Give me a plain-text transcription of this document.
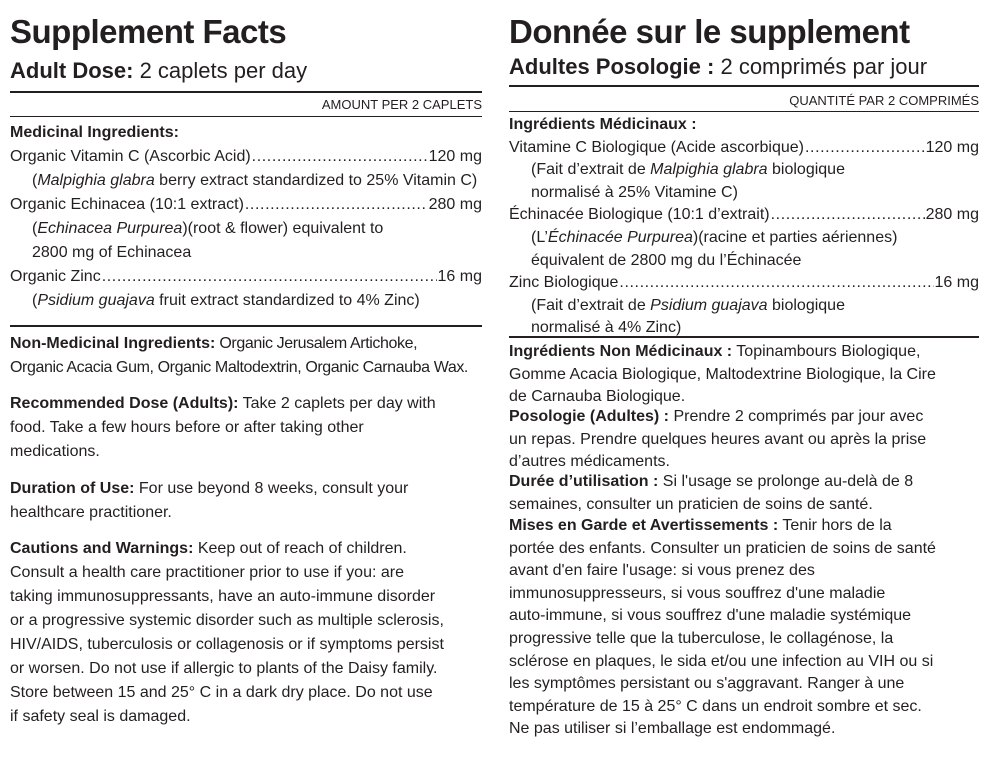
Supplement Facts
Adult Dose: 2 caplets per day
AMOUNT PER 2 CAPLETS
Medicinal Ingredients:
Organic Vitamin C (Ascorbic Acid) .....	120 mg
(Malpighia glabra berry extract standardized to 25% Vitamin C)
Organic Echinacea (10:1 extract) .....	280 mg
(Echinacea Purpurea)(root & flower) equivalent to
2800 mg of Echinacea
Organic Zinc .....	16 mg
(Psidium guajava fruit extract standardized to 4% Zinc)

Non-Medicinal Ingredients: Organic Jerusalem Artichoke,

Organic Acacia Gum, Organic Maltodextrin, Organic Carnauba Wax.

Recommended Dose (Adults): Take 2 caplets per day with

food. Take a few hours before or after taking other

medications.

Duration of Use: For use beyond 8 weeks, consult your

healthcare practitioner.

Cautions and Warnings: Keep out of reach of children.

Consult a health care practitioner prior to use if you: are

taking immunosuppressants, have an auto-immune disorder

or a progressive systemic disorder such as multiple sclerosis,

HIV/AIDS, tuberculosis or collagenosis or if symptoms persist

or worsen. Do not use if allergic to plants of the Daisy family.

Store between 15 and 25° C in a dark dry place. Do not use

if safety seal is damaged.

Donnée sur le supplement
Adultes Posologie : 2 comprimés par jour
QUANTITÉ PAR 2 COMPRIMÉS
Ingrédients Médicinaux :
Vitamine C Biologique (Acide ascorbique) .....	120 mg
(Fait d’extrait de Malpighia glabra biologique
normalisé à 25% Vitamine C)
Échinacée Biologique (10:1 d’extrait) .....	280 mg
(L’Échinacée Purpurea)(racine et parties aériennes)
équivalent de 2800 mg du l’Échinacée
Zinc Biologique .....	16 mg
(Fait d’extrait de Psidium guajava biologique
normalisé à 4% Zinc)

Ingrédients Non Médicinaux : Topinambours Biologique,

Gomme Acacia Biologique, Maltodextrine Biologique, la Cire

de Carnauba Biologique.

Posologie (Adultes) : Prendre 2 comprimés par jour avec

un repas. Prendre quelques heures avant ou après la prise

d’autres médicaments.

Durée d’utilisation : Si l'usage se prolonge au-delà de 8

semaines, consulter un praticien de soins de santé.

Mises en Garde et Avertissements : Tenir hors de la

portée des enfants. Consulter un praticien de soins de santé

avant d'en faire l'usage: si vous prenez des

immunosuppresseurs, si vous souffrez d'une maladie

auto-immune, si vous souffrez d'une maladie systémique

progressive telle que la tuberculose, le collagénose, la

sclérose en plaques, le sida et/ou une infection au VIH ou si

les symptômes persistant ou s'aggravant. Ranger à une

température de 15 à 25° C dans un endroit sombre et sec.

Ne pas utiliser si l’emballage est endommagé.
